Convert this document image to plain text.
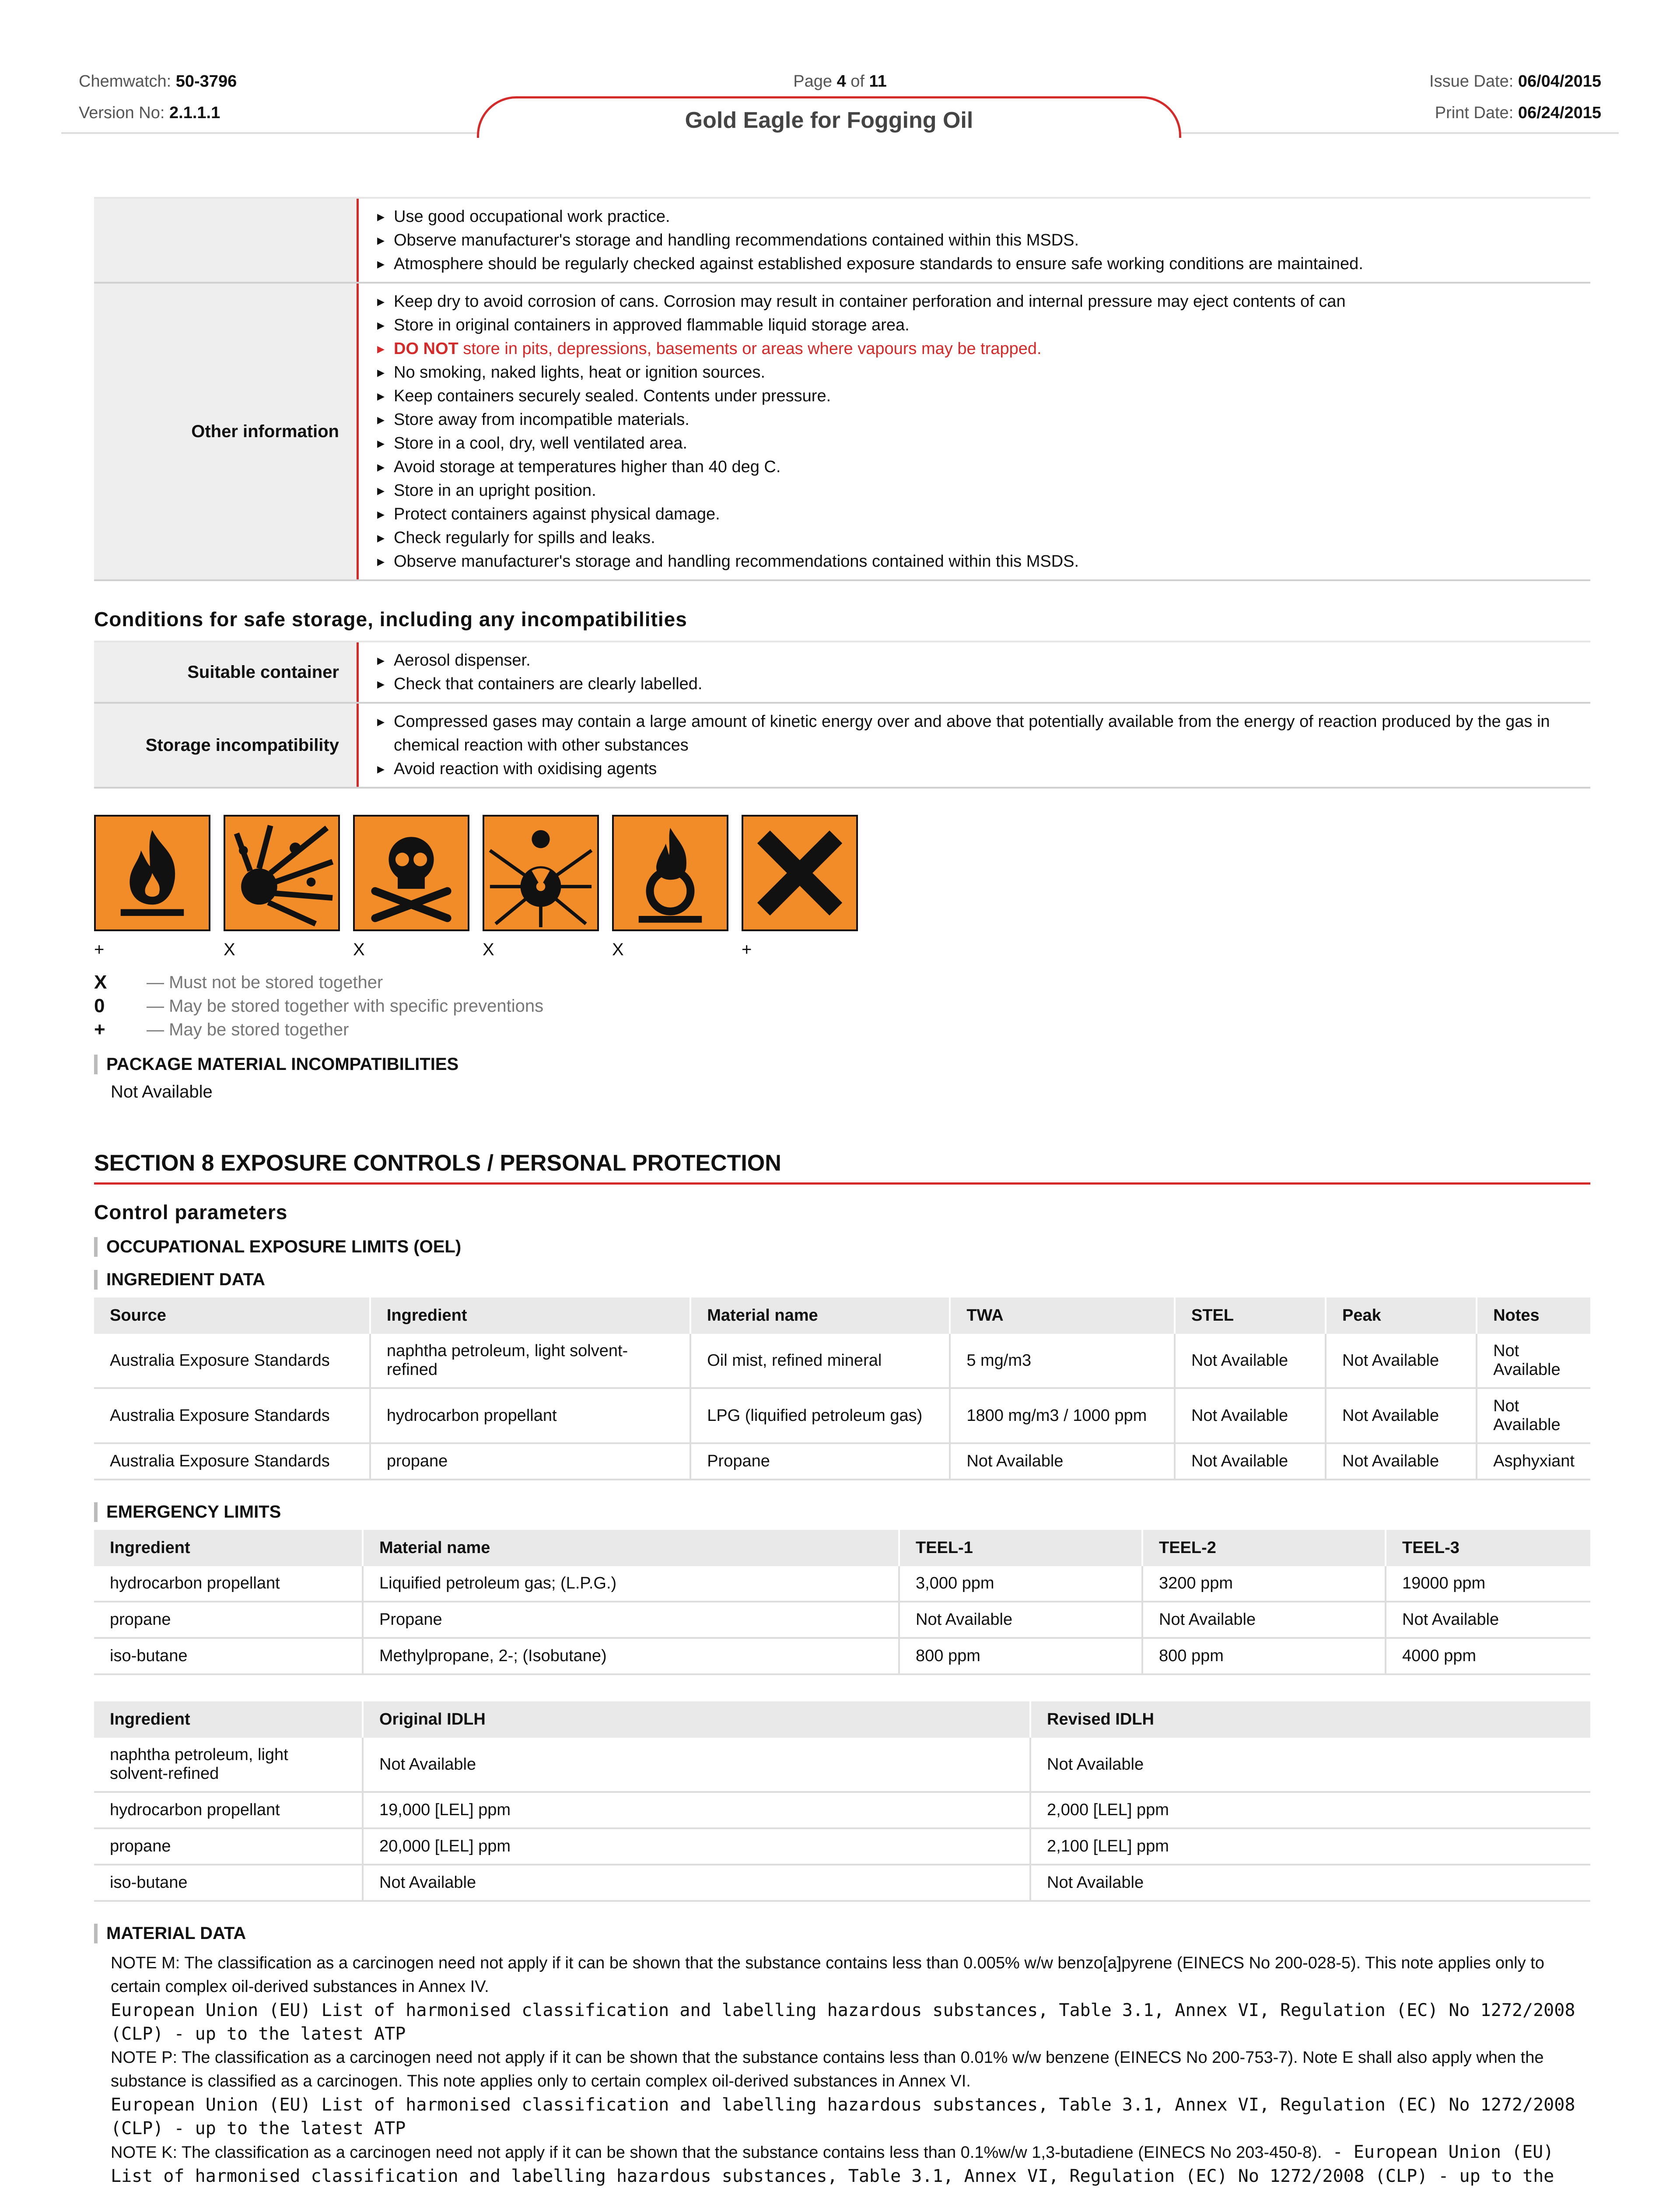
Chemwatch: 50-3796
Version No: 2.1.1.1
Page 4 of 11	Issue Date: 06/04/2015
Print Date: 06/24/2015
Gold Eagle for Fogging Oil
▸ Use good occupational work practice.
▸ Observe manufacturer's storage and handling recommendations contained within this MSDS.
▸ Atmosphere should be regularly checked against established exposure standards to ensure safe working conditions are maintained.
Other information
▸ Keep dry to avoid corrosion of cans. Corrosion may result in container perforation and internal pressure may eject contents of can
▸ Store in original containers in approved flammable liquid storage area.
▸ DO NOT store in pits, depressions, basements or areas where vapours may be trapped.
▸ No smoking, naked lights, heat or ignition sources.
▸ Keep containers securely sealed. Contents under pressure.
▸ Store away from incompatible materials.
▸ Store in a cool, dry, well ventilated area.
▸ Avoid storage at temperatures higher than 40 deg C.
▸ Store in an upright position.
▸ Protect containers against physical damage.
▸ Check regularly for spills and leaks.
▸ Observe manufacturer's storage and handling recommendations contained within this MSDS.
Conditions for safe storage, including any incompatibilities
Suitable container
▸ Aerosol dispenser.
▸ Check that containers are clearly labelled.
Storage incompatibility
▸ Compressed gases may contain a large amount of kinetic energy over and above that potentially available from the energy of reaction produced by the gas in chemical reaction with other substances
▸ Avoid reaction with oxidising agents
+	X	X	X	X	+
X	— Must not be stored together
0	— May be stored together with specific preventions
+	— May be stored together
PACKAGE MATERIAL INCOMPATIBILITIES
Not Available
SECTION 8 EXPOSURE CONTROLS / PERSONAL PROTECTION
Control parameters
OCCUPATIONAL EXPOSURE LIMITS (OEL)
INGREDIENT DATA
Source	Ingredient	Material name	TWA	STEL	Peak	Notes
Australia Exposure Standards	naphtha petroleum, light solvent-refined	Oil mist, refined mineral	5 mg/m3	Not Available	Not Available	Not Available
Australia Exposure Standards	hydrocarbon propellant	LPG (liquified petroleum gas)	1800 mg/m3 / 1000 ppm	Not Available	Not Available	Not Available
Australia Exposure Standards	propane	Propane	Not Available	Not Available	Not Available	Asphyxiant
EMERGENCY LIMITS
Ingredient	Material name	TEEL-1	TEEL-2	TEEL-3
hydrocarbon propellant	Liquified petroleum gas; (L.P.G.)	3,000 ppm	3200 ppm	19000 ppm
propane	Propane	Not Available	Not Available	Not Available
iso-butane	Methylpropane, 2-; (Isobutane)	800 ppm	800 ppm	4000 ppm
Ingredient	Original IDLH	Revised IDLH
naphtha petroleum, light solvent-refined	Not Available	Not Available
hydrocarbon propellant	19,000 [LEL] ppm	2,000 [LEL] ppm
propane	20,000 [LEL] ppm	2,100 [LEL] ppm
iso-butane	Not Available	Not Available
MATERIAL DATA
NOTE M: The classification as a carcinogen need not apply if it can be shown that the substance contains less than 0.005% w/w benzo[a]pyrene (EINECS No 200-028-5). This note applies only to certain complex oil-derived substances in Annex IV.
European Union (EU) List of harmonised classification and labelling hazardous substances, Table 3.1, Annex VI, Regulation (EC) No 1272/2008 (CLP) - up to the latest ATP
NOTE P: The classification as a carcinogen need not apply if it can be shown that the substance contains less than 0.01% w/w benzene (EINECS No 200-753-7). Note E shall also apply when the substance is classified as a carcinogen. This note applies only to certain complex oil-derived substances in Annex VI.
European Union (EU) List of harmonised classification and labelling hazardous substances, Table 3.1, Annex VI, Regulation (EC) No 1272/2008 (CLP) - up to the latest ATP
NOTE K: The classification as a carcinogen need not apply if it can be shown that the substance contains less than 0.1%w/w 1,3-butadiene (EINECS No 203-450-8). - European Union (EU) List of harmonised classification and labelling hazardous substances, Table 3.1, Annex VI, Regulation (EC) No 1272/2008 (CLP) - up to the
